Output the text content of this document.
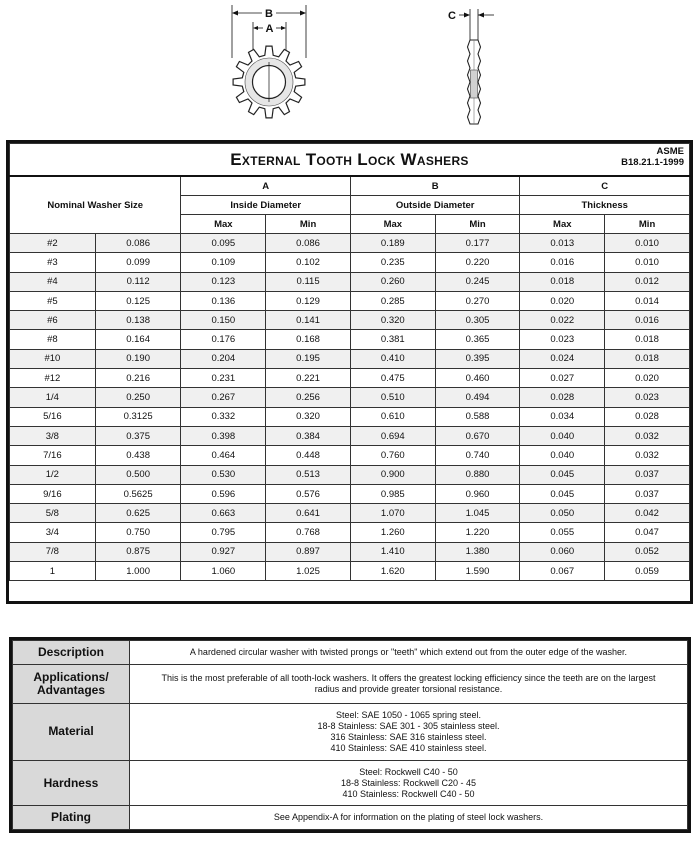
B
A
C
ASME
B18.21.1-1999
External Tooth Lock Washers							

Nominal Washer Size		A		B		C	
		Inside Diameter		Outside Diameter		Thickness	
		Max	Min	Max	Min	Max	Min
#2	0.086	0.095	0.086	0.189	0.177	0.013	0.010
#3	0.099	0.109	0.102	0.235	0.220	0.016	0.010
#4	0.112	0.123	0.115	0.260	0.245	0.018	0.012
#5	0.125	0.136	0.129	0.285	0.270	0.020	0.014
#6	0.138	0.150	0.141	0.320	0.305	0.022	0.016
#8	0.164	0.176	0.168	0.381	0.365	0.023	0.018
#10	0.190	0.204	0.195	0.410	0.395	0.024	0.018
#12	0.216	0.231	0.221	0.475	0.460	0.027	0.020
1/4	0.250	0.267	0.256	0.510	0.494	0.028	0.023
5/16	0.3125	0.332	0.320	0.610	0.588	0.034	0.028
3/8	0.375	0.398	0.384	0.694	0.670	0.040	0.032
7/16	0.438	0.464	0.448	0.760	0.740	0.040	0.032
1/2	0.500	0.530	0.513	0.900	0.880	0.045	0.037
9/16	0.5625	0.596	0.576	0.985	0.960	0.045	0.037
5/8	0.625	0.663	0.641	1.070	1.045	0.050	0.042
3/4	0.750	0.795	0.768	1.260	1.220	0.055	0.047
7/8	0.875	0.927	0.897	1.410	1.380	0.060	0.052
1	1.000	1.060	1.025	1.620	1.590	0.067	0.059
Description	A hardened circular washer with twisted prongs or "teeth" which extend out from the outer edge of the washer.
Applications/
Advantages	This is the most preferable of all tooth-lock washers. It offers the greatest locking efficiency since the teeth are on the largest
radius and provide greater torsional resistance.

Material	Steel: SAE 1050 - 1065 spring steel.
18-8 Stainless: SAE 301 - 305 stainless steel.
316 Stainless: SAE 316 stainless steel.
410 Stainless: SAE 410 stainless steel.

Hardness	Steel: Rockwell C40 - 50
18-8 Stainless: Rockwell C20 - 45
410 Stainless: Rockwell C40 - 50

Plating	See Appendix-A for information on the plating of steel lock washers.
